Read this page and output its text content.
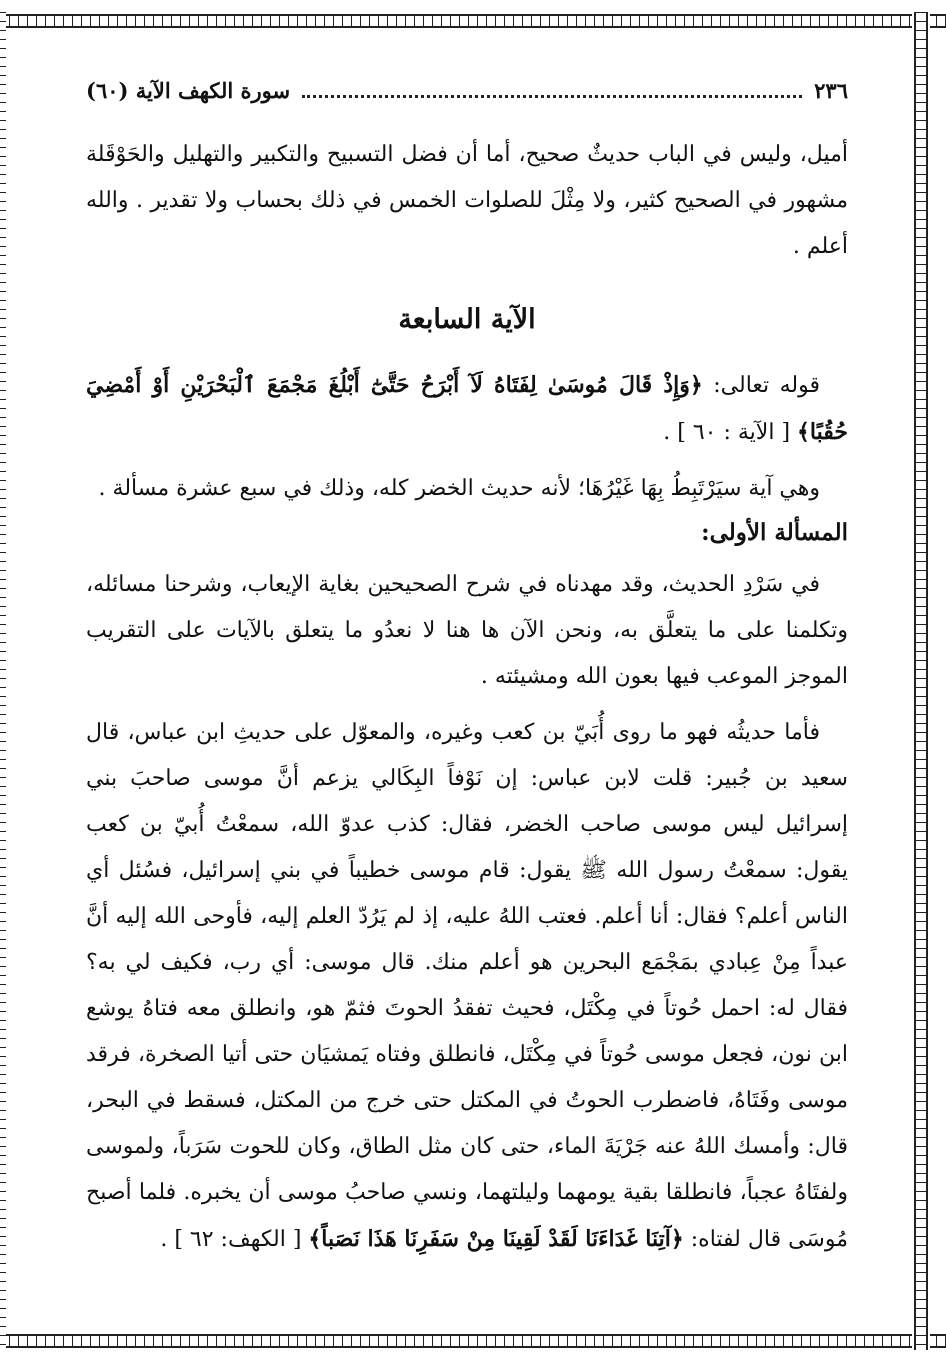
٢٣٦
سورة الكهف الآية (٦٠)

أميل، وليس في الباب حديثٌ صحيح، أما أن فضل التسبيح والتكبير والتهليل والحَوْقَلة مشهور في الصحيح كثير، ولا مِثْلَ للصلوات الخمس في ذلك بحساب ولا تقدير . والله أعلم .

الآية السابعة

قوله تعالى: ﴿وَإِذْ قَالَ مُوسَىٰ لِفَتَاهُ لَآ أَبْرَحُ حَتَّىٰٓ أَبْلُغَ مَجْمَعَ ٱلْبَحْرَيْنِ أَوْ أَمْضِيَ حُقُبًا﴾ [ الآية : ٦٠ ] .

وهي آية سيَرْتَبِطُ بِهَا غَيْرُهَا؛ لأنه حديث الخضر كله، وذلك في سبع عشرة مسألة .

المسألة الأولى:

في سَرْدِ الحديث، وقد مهدناه في شرح الصحيحين بغاية الإيعاب، وشرحنا مسائله، وتكلمنا على ما يتعلَّق به، ونحن الآن ها هنا لا نعدُو ما يتعلق بالآيات على التقريب الموجز الموعب فيها بعون الله ومشيئته .

فأما حديثُه فهو ما روى أُبَيّ بن كعب وغيره، والمعوّل على حديثِ ابن عباس، قال سعيد بن جُبير: قلت لابن عباس: إن نَوْفاً البِكَالي يزعم أنَّ موسى صاحبَ بني إسرائيل ليس موسى صاحب الخضر، فقال: كذب عدوّ الله، سمعْتُ أُبيّ بن كعب يقول: سمعْتُ رسول الله ﷺ يقول: قام موسى خطيباً في بني إسرائيل، فسُئل أي الناس أعلم؟ فقال: أنا أعلم. فعتب اللهُ عليه، إذ لم يَرُدّ العلم إليه، فأوحى الله إليه أنَّ عبداً مِنْ عِبادي بمَجْمَع البحرين هو أعلم منك. قال موسى: أي رب، فكيف لي به؟ فقال له: احمل حُوتاً في مِكْتَل، فحيث تفقدُ الحوتَ فثمّ هو، وانطلق معه فتاهُ يوشع ابن نون، فجعل موسى حُوتاً في مِكْتَل، فانطلق وفتاه يَمشيَان حتى أتيا الصخرة، فرقد موسى وفَتَاهُ، فاضطرب الحوتُ في المكتل حتى خرج من المكتل، فسقط في البحر، قال: وأمسك اللهُ عنه جَرْيَةَ الماء، حتى كان مثل الطاق، وكان للحوت سَرَباً، ولموسى ولفتَاهُ عجباً، فانطلقا بقية يومهما وليلتهما، ونسي صاحبُ موسى أن يخبره. فلما أصبح مُوسَى قال لفتاه: ﴿آتِنَا غَدَاءَنَا لَقَدْ لَقِينَا مِنْ سَفَرِنَا هَذَا نَصَباً﴾ [ الكهف: ٦٢ ] .
